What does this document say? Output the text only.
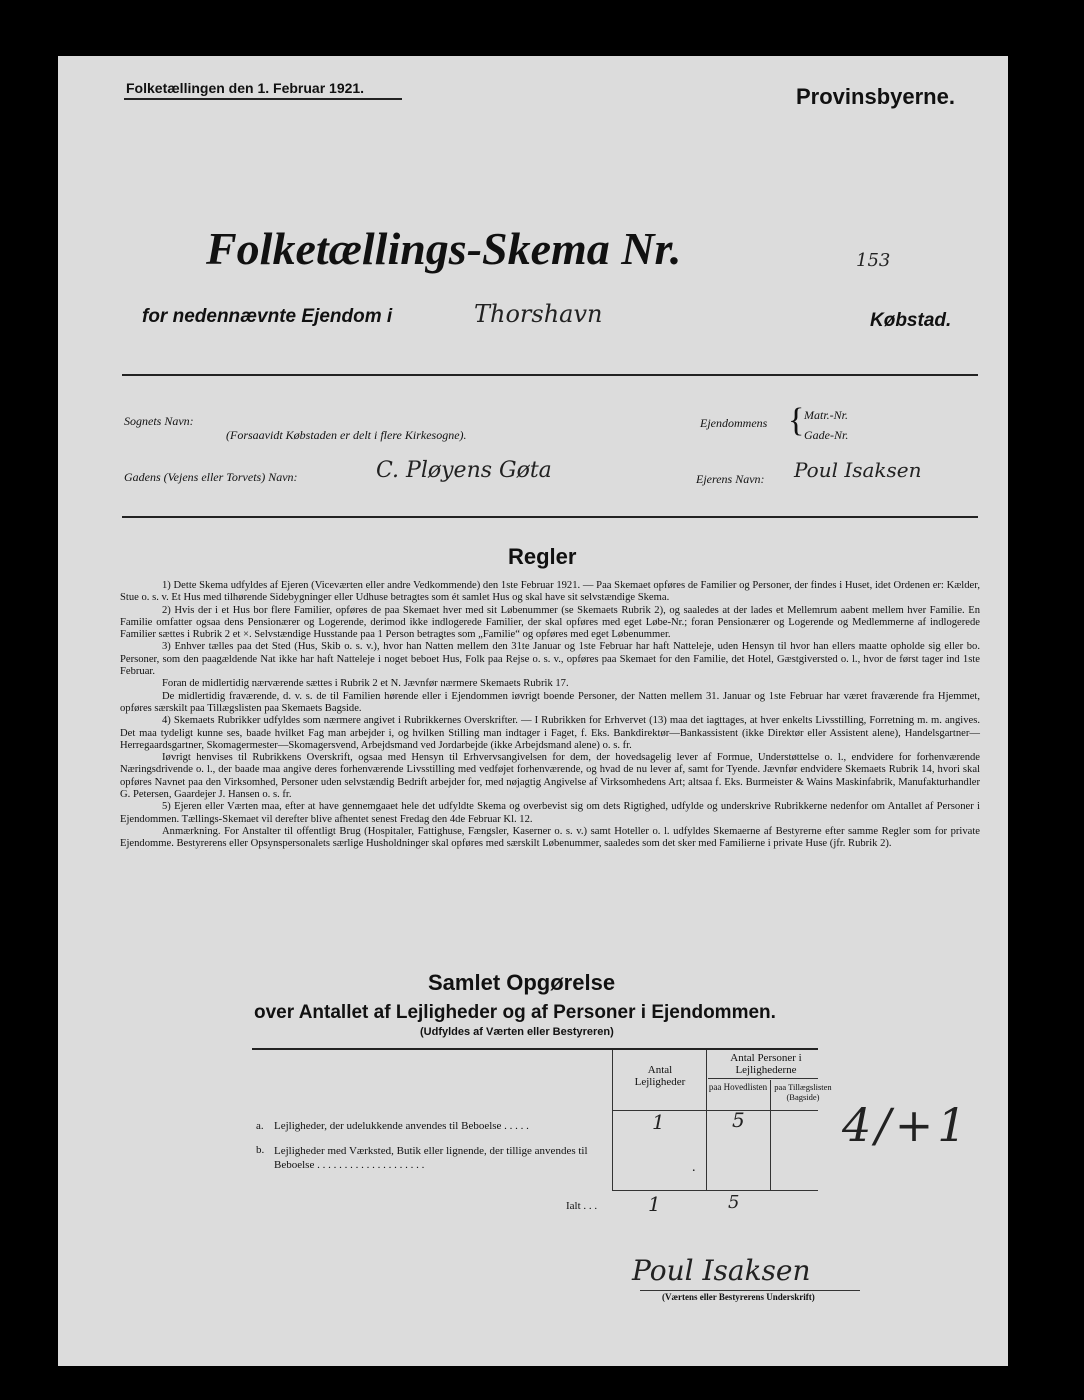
Folketællingen den 1. Februar 1921.	Provinsbyerne.
Folketællings-Skema Nr.	153
for nedennævnte Ejendom i	Thorshavn	Købstad.
Sognets Navn:
(Forsaavidt Købstaden er delt i flere Kirkesogne).
Ejendommens { Matr.-Nr.
Gade-Nr.
Gadens (Vejens eller Torvets) Navn:	C. Pløyens Gøta	Ejerens Navn: Poul Isaksen
Regler

1) Dette Skema udfyldes af Ejeren (Viceværten eller andre Vedkommende) den 1ste Februar 1921. — Paa Skemaet opføres de Familier og Personer, der findes i Huset, idet Ordenen er: Kælder, Stue o. s. v. Et Hus med tilhørende Sidebygninger eller Udhuse betragtes som ét samlet Hus og skal have sit selvstændige Skema.

2) Hvis der i et Hus bor flere Familier, opføres de paa Skemaet hver med sit Løbenummer (se Skemaets Rubrik 2), og saaledes at der lades et Mellemrum aabent mellem hver Familie. En Familie omfatter ogsaa dens Pensionærer og Logerende, derimod ikke indlogerede Familier, der skal opføres med eget Løbe-Nr.; foran Pensionærer og Logerende og Medlemmerne af indlogerede Familier sættes i Rubrik 2 et ×. Selvstændige Husstande paa 1 Person betragtes som „Familie“ og opføres med eget Løbenummer.

3) Enhver tælles paa det Sted (Hus, Skib o. s. v.), hvor han Natten mellem den 31te Januar og 1ste Februar har haft Natteleje, uden Hensyn til hvor han ellers maatte opholde sig eller bo. Personer, som den paagældende Nat ikke har haft Natteleje i noget beboet Hus, Folk paa Rejse o. s. v., opføres paa Skemaet for den Familie, det Hotel, Gæstgiversted o. l., hvor de først tager ind 1ste Februar.

Foran de midlertidig nærværende sættes i Rubrik 2 et N. Jævnfør nærmere Skemaets Rubrik 17.

De midlertidig fraværende, d. v. s. de til Familien hørende eller i Ejendommen iøvrigt boende Personer, der Natten mellem 31. Januar og 1ste Februar har været fraværende fra Hjemmet, opføres særskilt paa Tillægslisten paa Skemaets Bagside.

4) Skemaets Rubrikker udfyldes som nærmere angivet i Rubrikkernes Overskrifter. — I Rubrikken for Erhvervet (13) maa det iagttages, at hver enkelts Livsstilling, Forretning m. m. angives. Det maa tydeligt kunne ses, baade hvilket Fag man arbejder i, og hvilken Stilling man indtager i Faget, f. Eks. Bankdirektør—Bankassistent (ikke Direktør eller Assistent alene), Handelsgartner—Herregaardsgartner, Skomagermester—Skomagersvend, Arbejdsmand ved Jordarbejde (ikke Arbejdsmand alene) o. s. fr.

Iøvrigt henvises til Rubrikkens Overskrift, ogsaa med Hensyn til Erhvervsangivelsen for dem, der hovedsagelig lever af Formue, Understøttelse o. l., endvidere for forhenværende Næringsdrivende o. l., der baade maa angive deres forhenværende Livsstilling med vedføjet forhenværende, og hvad de nu lever af, samt for Tyende. Jævnfør endvidere Skemaets Rubrik 14, hvori skal opføres Navnet paa den Virksomhed, Personer uden selvstændig Bedrift arbejder for, med nøjagtig Angivelse af Virksomhedens Art; altsaa f. Eks. Burmeister & Wains Maskinfabrik, Manufakturhandler G. Petersen, Gaardejer J. Hansen o. s. fr.

5) Ejeren eller Værten maa, efter at have gennemgaaet hele det udfyldte Skema og overbevist sig om dets Rigtighed, udfylde og underskrive Rubrikkerne nedenfor om Antallet af Personer i Ejendommen. Tællings-Skemaet vil derefter blive afhentet senest Fredag den 4de Februar Kl. 12.

Anmærkning. For Anstalter til offentligt Brug (Hospitaler, Fattighuse, Fængsler, Kaserner o. s. v.) samt Hoteller o. l. udfyldes Skemaerne af Bestyrerne efter samme Regler som for private Ejendomme. Bestyrerens eller Opsynspersonalets særlige Husholdninger skal opføres med særskilt Løbenummer, saaledes som det sker med Familierne i private Huse (jfr. Rubrik 2).

Samlet Opgørelse
over Antallet af Lejligheder og af Personer i Ejendommen.
(Udfyldes af Værten eller Bestyreren)
Antal Lejligheder
Antal Personer i Lejlighederne
paa Hovedlisten paa Tillægslisten (Bagside)
a. Lejligheder, der udelukkende anvendes til Beboelse . . . . .	1	5
b. Lejligheder med Værksted, Butik eller lignende, der tillige anvendes til Beboelse . . . . . . . . . . . . . . . . . . . .	.
Ialt . . .	1	5
4/+1
Poul Isaksen
(Værtens eller Bestyrerens Underskrift)
